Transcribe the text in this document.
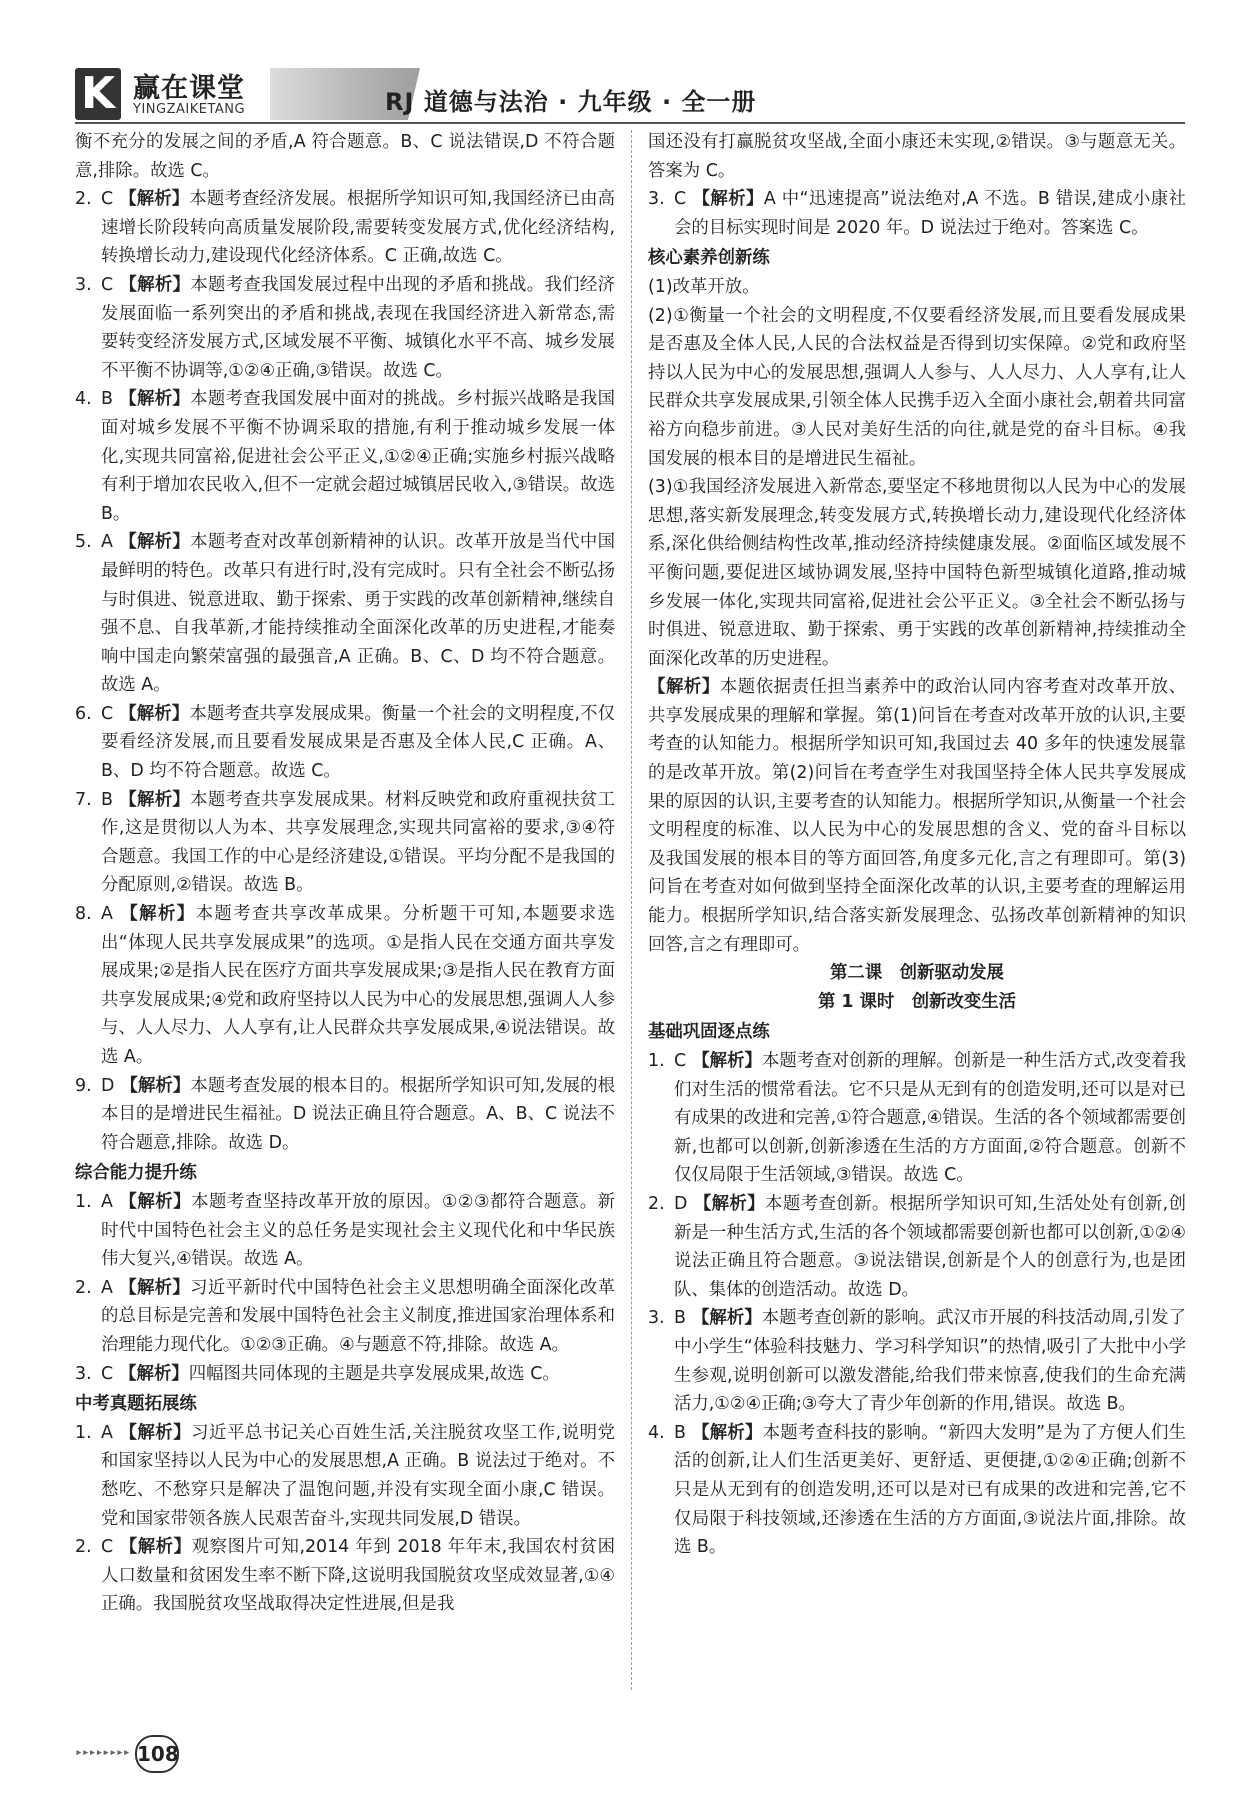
K 赢在课堂
YINGZAIKETANG	RJ 道德与法治 · 九年级 · 全一册
衡不充分的发展之间的矛盾,A 符合题意。B、C 说法错误,D 不符合题意,排除。故选 C。
2. C 【解析】本题考查经济发展。根据所学知识可知,我国经济已由高速增长阶段转向高质量发展阶段,需要转变发展方式,优化经济结构,转换增长动力,建设现代化经济体系。C 正确,故选 C。
3. C 【解析】本题考查我国发展过程中出现的矛盾和挑战。我们经济发展面临一系列突出的矛盾和挑战,表现在我国经济进入新常态,需要转变经济发展方式,区域发展不平衡、城镇化水平不高、城乡发展不平衡不协调等,①②④正确,③错误。故选 C。
4. B 【解析】本题考查我国发展中面对的挑战。乡村振兴战略是我国面对城乡发展不平衡不协调采取的措施,有利于推动城乡发展一体化,实现共同富裕,促进社会公平正义,①②④正确;实施乡村振兴战略有利于增加农民收入,但不一定就会超过城镇居民收入,③错误。故选 B。
5. A 【解析】本题考查对改革创新精神的认识。改革开放是当代中国最鲜明的特色。改革只有进行时,没有完成时。只有全社会不断弘扬与时俱进、锐意进取、勤于探索、勇于实践的改革创新精神,继续自强不息、自我革新,才能持续推动全面深化改革的历史进程,才能奏响中国走向繁荣富强的最强音,A 正确。B、C、D 均不符合题意。故选 A。
6. C 【解析】本题考查共享发展成果。衡量一个社会的文明程度,不仅要看经济发展,而且要看发展成果是否惠及全体人民,C 正确。A、B、D 均不符合题意。故选 C。
7. B 【解析】本题考查共享发展成果。材料反映党和政府重视扶贫工作,这是贯彻以人为本、共享发展理念,实现共同富裕的要求,③④符合题意。我国工作的中心是经济建设,①错误。平均分配不是我国的分配原则,②错误。故选 B。
8. A 【解析】本题考查共享改革成果。分析题干可知,本题要求选出“体现人民共享发展成果”的选项。①是指人民在交通方面共享发展成果;②是指人民在医疗方面共享发展成果;③是指人民在教育方面共享发展成果;④党和政府坚持以人民为中心的发展思想,强调人人参与、人人尽力、人人享有,让人民群众共享发展成果,④说法错误。故选 A。
9. D 【解析】本题考查发展的根本目的。根据所学知识可知,发展的根本目的是增进民生福祉。D 说法正确且符合题意。A、B、C 说法不符合题意,排除。故选 D。
综合能力提升练
1. A 【解析】本题考查坚持改革开放的原因。①②③都符合题意。新时代中国特色社会主义的总任务是实现社会主义现代化和中华民族伟大复兴,④错误。故选 A。
2. A 【解析】习近平新时代中国特色社会主义思想明确全面深化改革的总目标是完善和发展中国特色社会主义制度,推进国家治理体系和治理能力现代化。①②③正确。④与题意不符,排除。故选 A。
3. C 【解析】四幅图共同体现的主题是共享发展成果,故选 C。
中考真题拓展练
1. A 【解析】习近平总书记关心百姓生活,关注脱贫攻坚工作,说明党和国家坚持以人民为中心的发展思想,A 正确。B 说法过于绝对。不愁吃、不愁穿只是解决了温饱问题,并没有实现全面小康,C 错误。党和国家带领各族人民艰苦奋斗,实现共同发展,D 错误。
2. C 【解析】观察图片可知,2014 年到 2018 年年末,我国农村贫困人口数量和贫困发生率不断下降,这说明我国脱贫攻坚成效显著,①④正确。我国脱贫攻坚战取得决定性进展,但是我
国还没有打赢脱贫攻坚战,全面小康还未实现,②错误。③与题意无关。答案为 C。
3. C 【解析】A 中“迅速提高”说法绝对,A 不选。B 错误,建成小康社会的目标实现时间是 2020 年。D 说法过于绝对。答案选 C。
核心素养创新练
(1)改革开放。
(2)①衡量一个社会的文明程度,不仅要看经济发展,而且要看发展成果是否惠及全体人民,人民的合法权益是否得到切实保障。②党和政府坚持以人民为中心的发展思想,强调人人参与、人人尽力、人人享有,让人民群众共享发展成果,引领全体人民携手迈入全面小康社会,朝着共同富裕方向稳步前进。③人民对美好生活的向往,就是党的奋斗目标。④我国发展的根本目的是增进民生福祉。
(3)①我国经济发展进入新常态,要坚定不移地贯彻以人民为中心的发展思想,落实新发展理念,转变发展方式,转换增长动力,建设现代化经济体系,深化供给侧结构性改革,推动经济持续健康发展。②面临区域发展不平衡问题,要促进区域协调发展,坚持中国特色新型城镇化道路,推动城乡发展一体化,实现共同富裕,促进社会公平正义。③全社会不断弘扬与时俱进、锐意进取、勤于探索、勇于实践的改革创新精神,持续推动全面深化改革的历史进程。
【解析】本题依据责任担当素养中的政治认同内容考查对改革开放、共享发展成果的理解和掌握。第(1)问旨在考查对改革开放的认识,主要考查的认知能力。根据所学知识可知,我国过去 40 多年的快速发展靠的是改革开放。第(2)问旨在考查学生对我国坚持全体人民共享发展成果的原因的认识,主要考查的认知能力。根据所学知识,从衡量一个社会文明程度的标准、以人民为中心的发展思想的含义、党的奋斗目标以及我国发展的根本目的等方面回答,角度多元化,言之有理即可。第(3)问旨在考查对如何做到坚持全面深化改革的认识,主要考查的理解运用能力。根据所学知识,结合落实新发展理念、弘扬改革创新精神的知识回答,言之有理即可。
第二课　创新驱动发展
第 1 课时　创新改变生活
基础巩固逐点练
1. C 【解析】本题考查对创新的理解。创新是一种生活方式,改变着我们对生活的惯常看法。它不只是从无到有的创造发明,还可以是对已有成果的改进和完善,①符合题意,④错误。生活的各个领域都需要创新,也都可以创新,创新渗透在生活的方方面面,②符合题意。创新不仅仅局限于生活领域,③错误。故选 C。
2. D 【解析】本题考查创新。根据所学知识可知,生活处处有创新,创新是一种生活方式,生活的各个领域都需要创新也都可以创新,①②④说法正确且符合题意。③说法错误,创新是个人的创意行为,也是团队、集体的创造活动。故选 D。
3. B 【解析】本题考查创新的影响。武汉市开展的科技活动周,引发了中小学生“体验科技魅力、学习科学知识”的热情,吸引了大批中小学生参观,说明创新可以激发潜能,给我们带来惊喜,使我们的生命充满活力,①②④正确;③夸大了青少年创新的作用,错误。故选 B。
4. B 【解析】本题考查科技的影响。“新四大发明”是为了方便人们生活的创新,让人们生活更美好、更舒适、更便捷,①②④正确;创新不只是从无到有的创造发明,还可以是对已有成果的改进和完善,它不仅局限于科技领域,还渗透在生活的方方面面,③说法片面,排除。故选 B。
▸▸▸▸▸▸▸▸ 108
